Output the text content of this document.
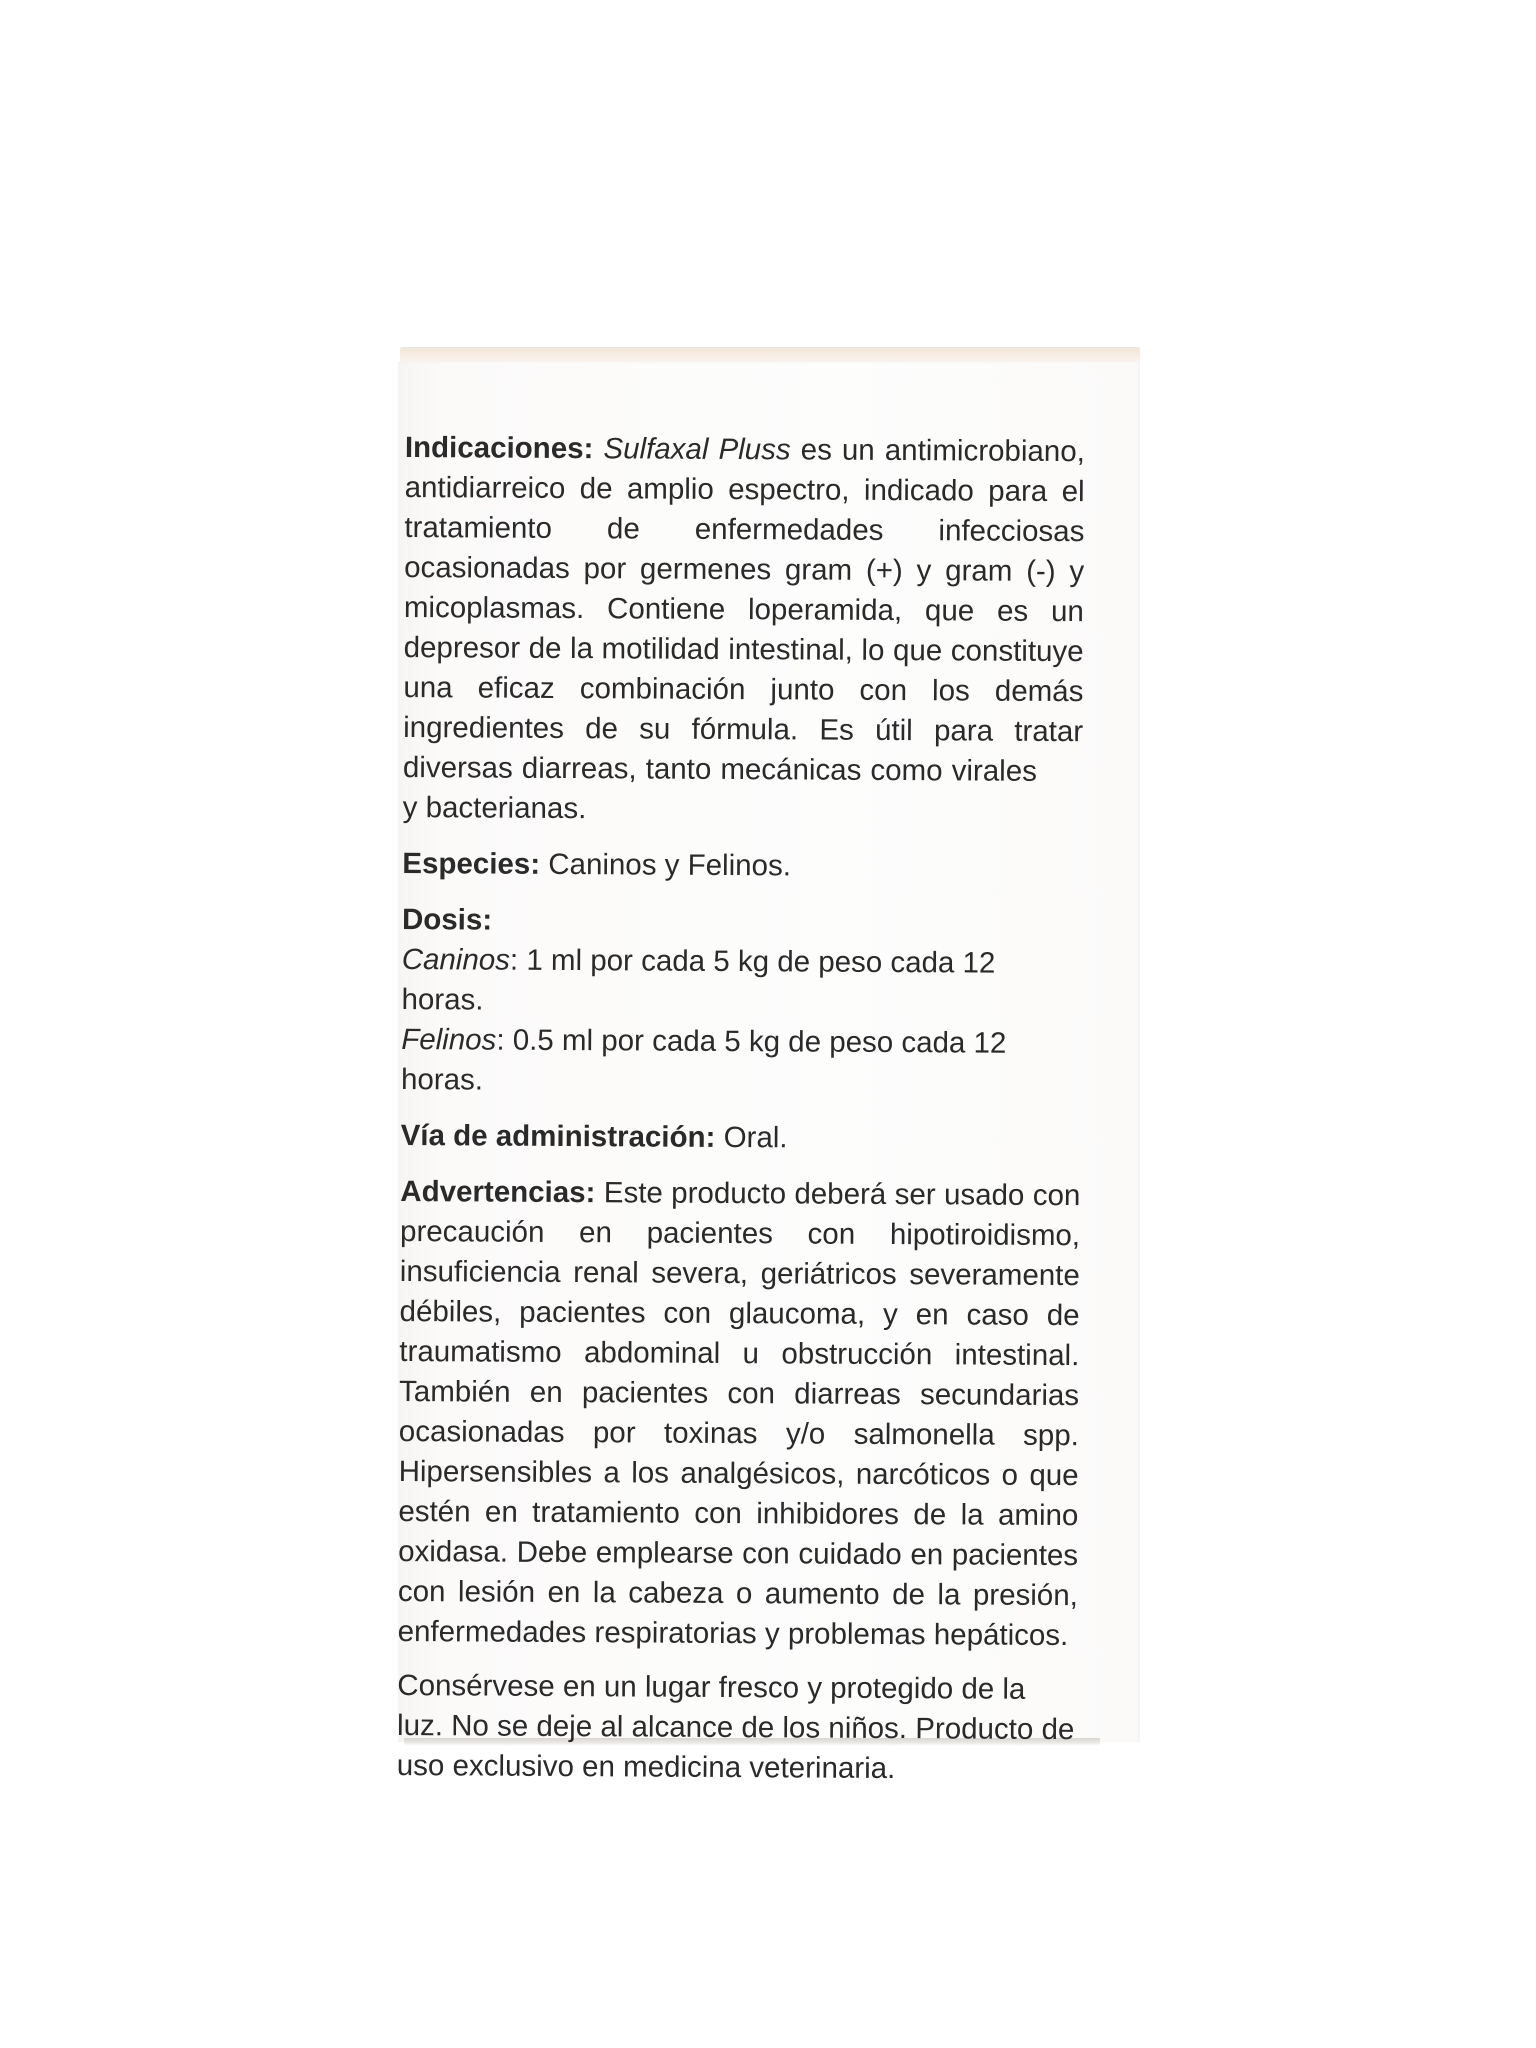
Indicaciones: Sulfaxal Pluss es un antimicrobiano, antidiarreico de amplio espectro, indicado para el tratamiento de enfermedades infecciosas ocasionadas por germenes gram (+) y gram (-) y micoplasmas. Contiene loperamida, que es un depresor de la motilidad intestinal, lo que constituye una eficaz combinación junto con los demás ingredientes de su fórmula. Es útil para tratar diversas diarreas, tanto mecánicas como viralesy bacterianas.

Especies: Caninos y Felinos.

Dosis:
Caninos: 1 ml por cada 5 kg de peso cada 12 horas.
Felinos: 0.5 ml por cada 5 kg de peso cada 12 horas.

Vía de administración: Oral.

Advertencias: Este producto deberá ser usado con precaución en pacientes con hipotiroidismo, insuficiencia renal severa, geriátricos severamente débiles, pacientes con glaucoma, y en caso de traumatismo abdominal u obstrucción intestinal. También en pacientes con diarreas secundarias ocasionadas por toxinas y/o salmonella spp. Hipersensibles a los analgésicos, narcóticos o que estén en tratamiento con inhibidores de la amino oxidasa. Debe emplearse con cuidado en pacientes con lesión en la cabeza o aumento de la presión, enfermedades respiratorias y problemas hepáticos.

Consérvese en un lugar fresco y protegido de la luz. No se deje al alcance de los niños. Producto de uso exclusivo en medicina veterinaria.
